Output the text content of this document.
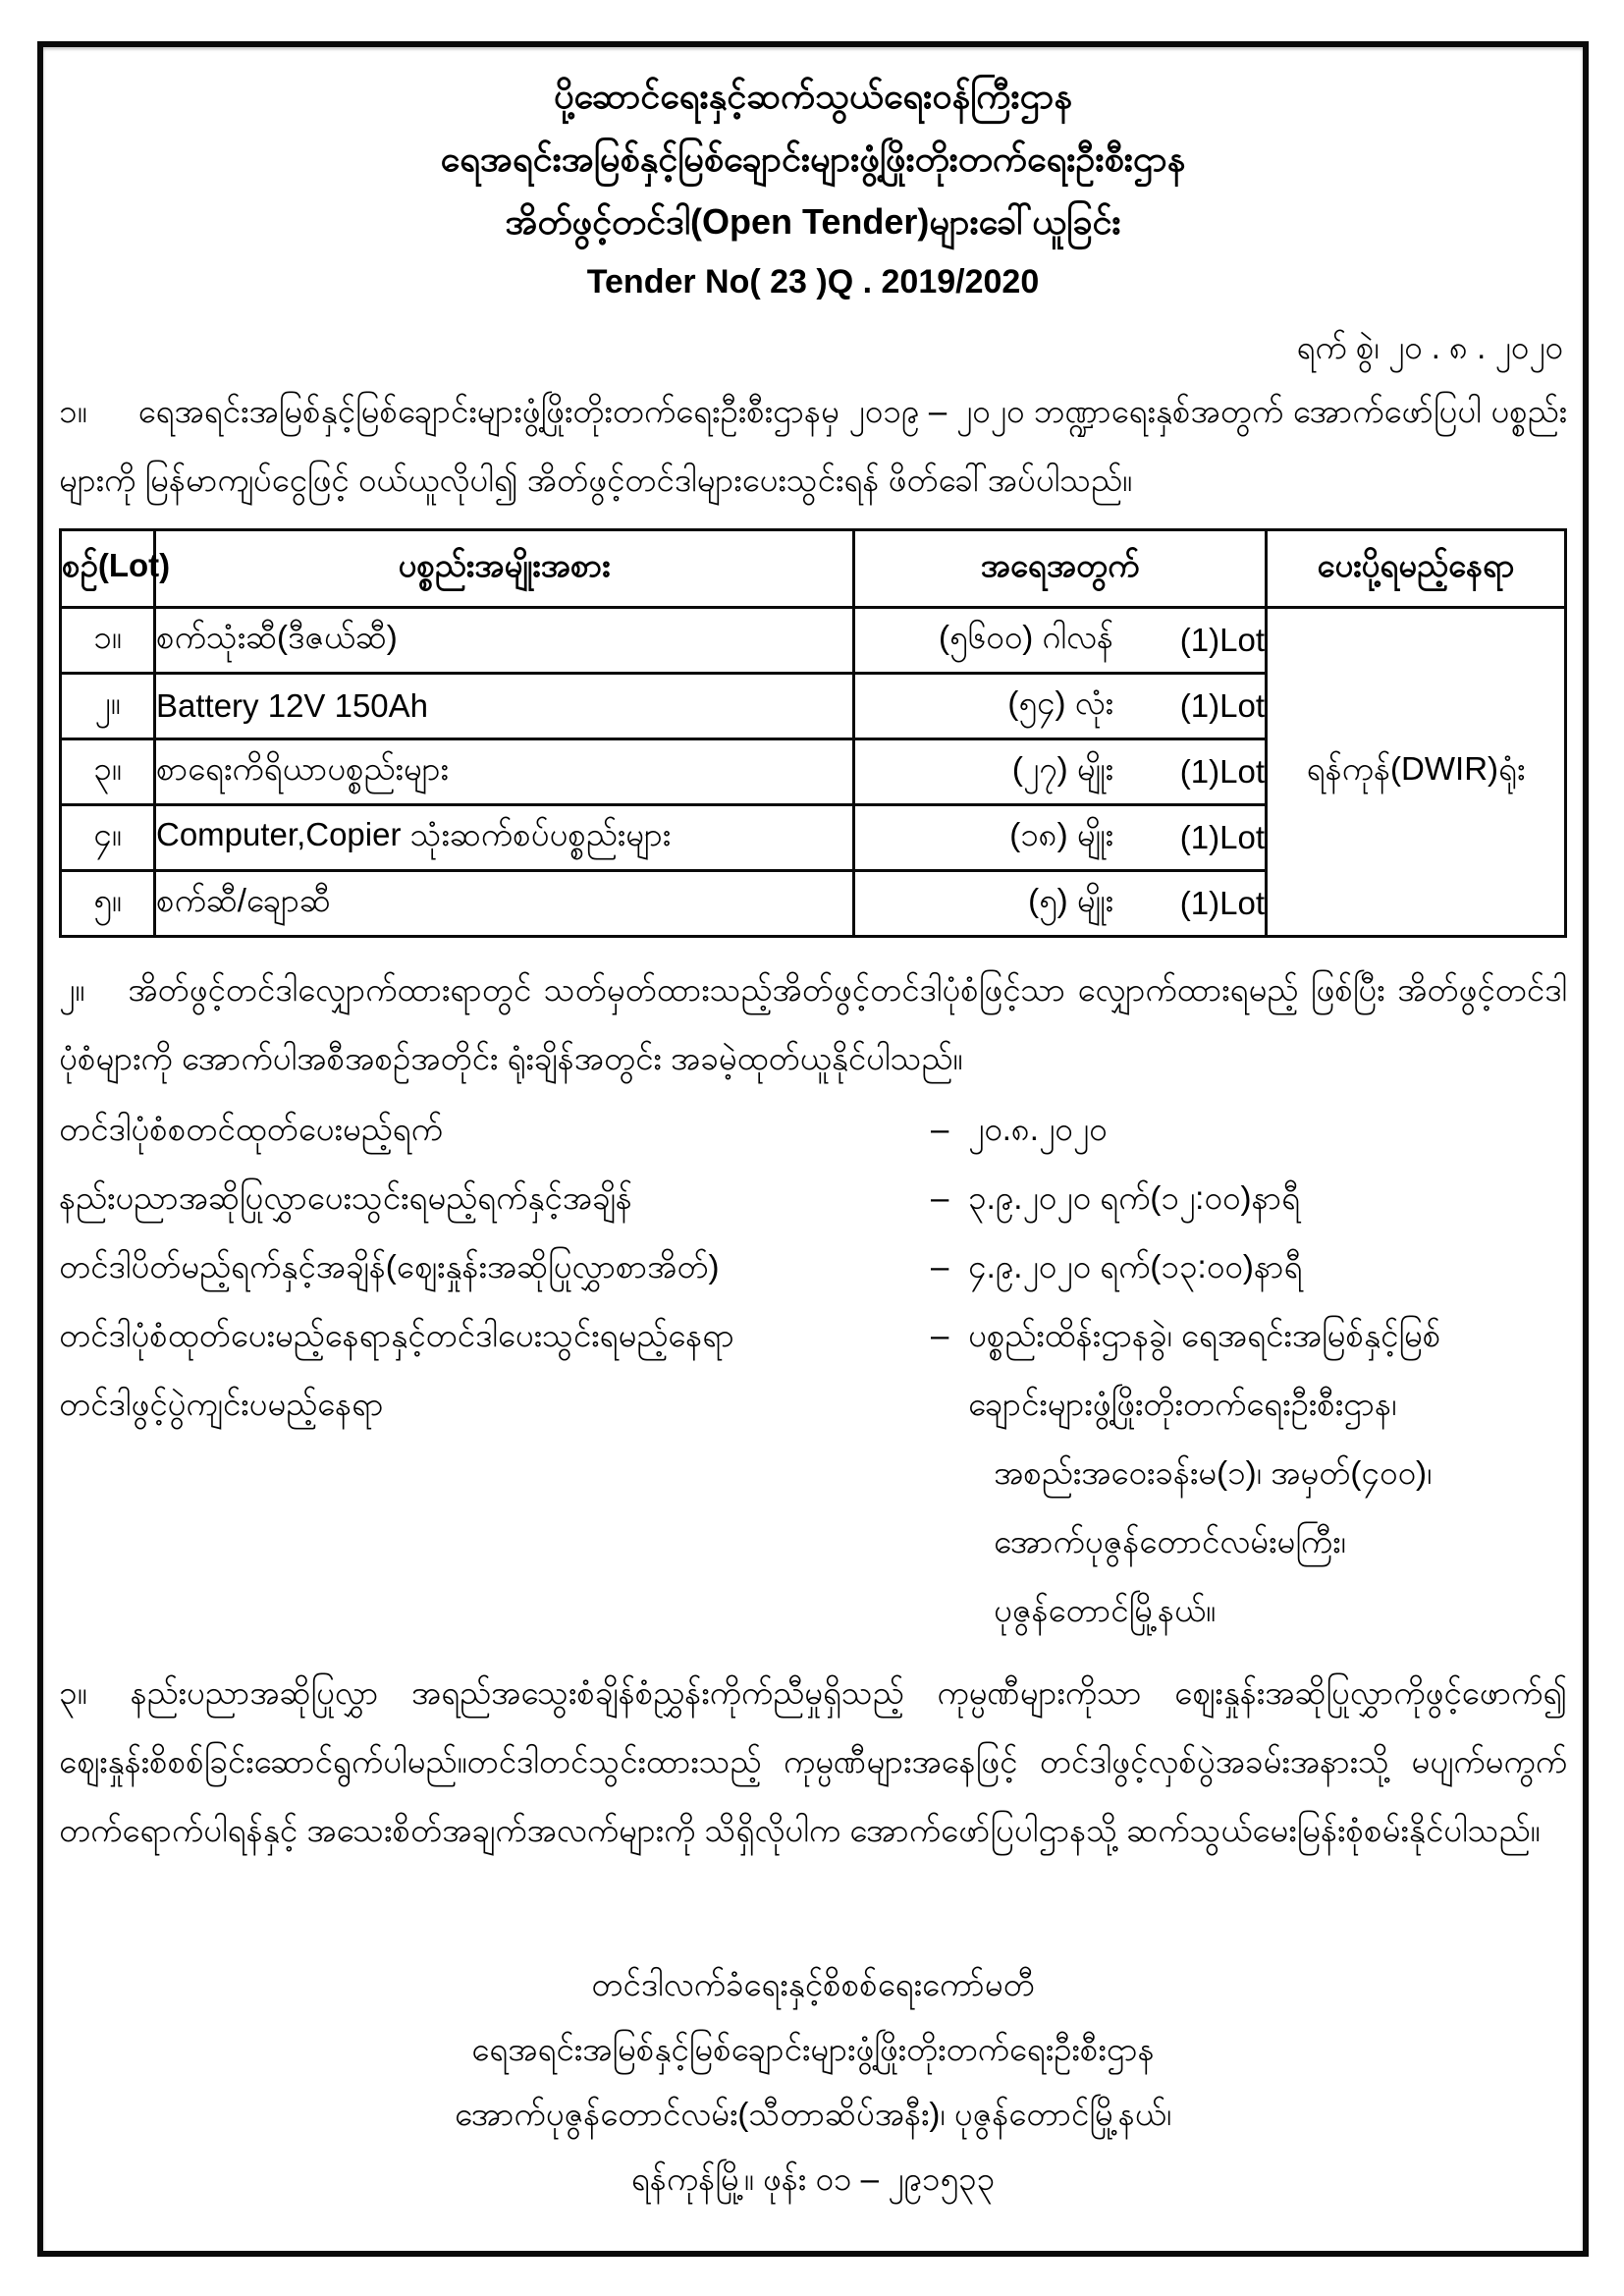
ပို့ဆောင်ရေးနှင့်ဆက်သွယ်ရေးဝန်ကြီးဌာန
ရေအရင်းအမြစ်နှင့်မြစ်ချောင်းများဖွံ့ဖြိုးတိုးတက်ရေးဦးစီးဌာန
အိတ်ဖွင့်တင်ဒါ(Open Tender)များခေါ်ယူခြင်း
Tender No( 23 )Q . 2019/2020
ရက် စွဲ၊ ၂၀ . ၈ . ၂၀၂၀

၁။ ရေအရင်းအမြစ်နှင့်မြစ်ချောင်းများဖွံ့ဖြိုးတိုးတက်ရေးဦးစီးဌာနမှ ၂၀၁၉ – ၂၀၂၀ ဘဏ္ဍာရေးနှစ်အတွက် အောက်ဖော်ပြပါ ပစ္စည်းများကို မြန်မာကျပ်ငွေဖြင့် ဝယ်ယူလိုပါ၍ အိတ်ဖွင့်တင်ဒါများပေးသွင်းရန် ဖိတ်ခေါ်အပ်ပါသည်။

စဉ်(Lot)	ပစ္စည်းအမျိုးအစား	အရေအတွက်	ပေးပို့ရမည့်နေရာ
၁။	စက်သုံးဆီ(ဒီဇယ်ဆီ)	(၅၆၀၀) ဂါလန် (1)Lot	ရန်ကုန်(DWIR)ရုံး
၂။	Battery 12V 150Ah	(၅၄) လုံး (1)Lot	

၃။	စာရေးကိရိယာပစ္စည်းများ	(၂၇) မျိုး (1)Lot	

၄။	Computer,Copier သုံးဆက်စပ်ပစ္စည်းများ	(၁၈) မျိုး (1)Lot	

၅။	စက်ဆီ/ချောဆီ	(၅) မျိုး (1)Lot	

၂။ အိတ်ဖွင့်တင်ဒါလျှောက်ထားရာတွင် သတ်မှတ်ထားသည့်အိတ်ဖွင့်တင်ဒါပုံစံဖြင့်သာ လျှောက်ထားရမည့် ဖြစ်ပြီး အိတ်ဖွင့်တင်ဒါပုံစံများကို အောက်ပါအစီအစဉ်အတိုင်း ရုံးချိန်အတွင်း အခမဲ့ထုတ်ယူနိုင်ပါသည်။

တင်ဒါပုံစံစတင်ထုတ်ပေးမည့်ရက်	– ၂၀.၈.၂၀၂၀
နည်းပညာအဆိုပြုလွှာပေးသွင်းရမည့်ရက်နှင့်အချိန်	– ၃.၉.၂၀၂၀ ရက်(၁၂:၀၀)နာရီ
တင်ဒါပိတ်မည့်ရက်နှင့်အချိန်(ဈေးနှုန်းအဆိုပြုလွှာစာအိတ်)	– ၄.၉.၂၀၂၀ ရက်(၁၃:၀၀)နာရီ
တင်ဒါပုံစံထုတ်ပေးမည့်နေရာနှင့်တင်ဒါပေးသွင်းရမည့်နေရာ	– ပစ္စည်းထိန်းဌာနခွဲ၊ ရေအရင်းအမြစ်နှင့်မြစ်
တင်ဒါဖွင့်ပွဲကျင်းပမည့်နေရာ	ချောင်းများဖွံ့ဖြိုးတိုးတက်ရေးဦးစီးဌာန၊
အစည်းအဝေးခန်းမ(၁)၊ အမှတ်(၄၀၀)၊
အောက်ပုဇွန်တောင်လမ်းမကြီး၊
ပုဇွန်တောင်မြို့နယ်။

၃။ နည်းပညာအဆိုပြုလွှာ အရည်အသွေးစံချိန်စံညွှန်းကိုက်ညီမှုရှိသည့် ကုမ္ပဏီများကိုသာ ဈေးနှုန်းအဆိုပြုလွှာကိုဖွင့်ဖောက်၍ ဈေးနှုန်းစိစစ်ခြင်းဆောင်ရွက်ပါမည်။တင်ဒါတင်သွင်းထားသည့် ကုမ္ပဏီများအနေဖြင့် တင်ဒါဖွင့်လှစ်ပွဲအခမ်းအနားသို့ မပျက်မကွက်တက်ရောက်ပါရန်နှင့် အသေးစိတ်အချက်အလက်များကို သိရှိလိုပါက အောက်ဖော်ပြပါဌာနသို့ ဆက်သွယ်မေးမြန်းစုံစမ်းနိုင်ပါသည်။

တင်ဒါလက်ခံရေးနှင့်စိစစ်ရေးကော်မတီ
ရေအရင်းအမြစ်နှင့်မြစ်ချောင်းများဖွံ့ဖြိုးတိုးတက်ရေးဦးစီးဌာန
အောက်ပုဇွန်တောင်လမ်း(သီတာဆိပ်အနီး)၊ ပုဇွန်တောင်မြို့နယ်၊
ရန်ကုန်မြို့။ ဖုန်း ၀၁ – ၂၉၁၅၃၃
